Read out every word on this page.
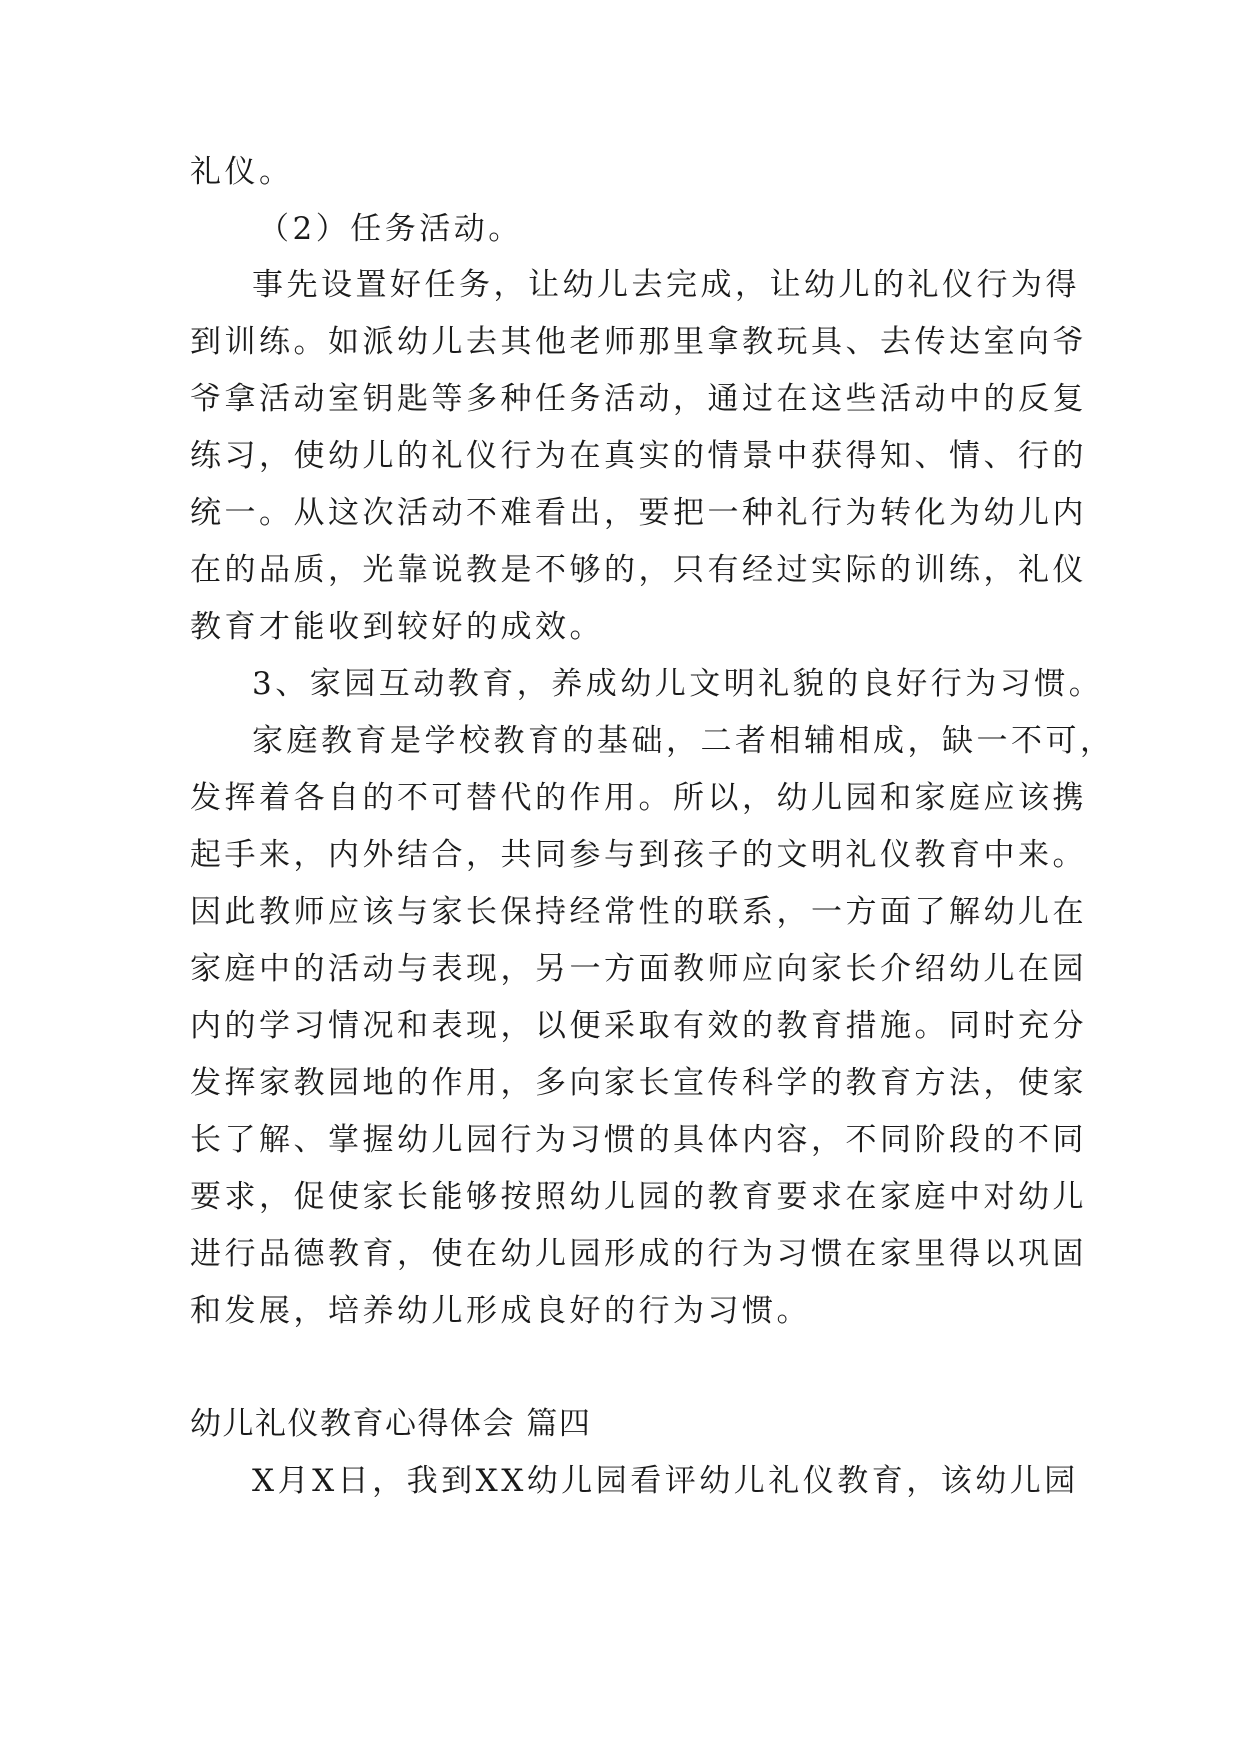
礼仪。
（2）任务活动。
事先设置好任务，让幼儿去完成，让幼儿的礼仪行为得
到训练。如派幼儿去其他老师那里拿教玩具、去传达室向爷
爷拿活动室钥匙等多种任务活动，通过在这些活动中的反复
练习，使幼儿的礼仪行为在真实的情景中获得知、情、行的
统一。从这次活动不难看出，要把一种礼行为转化为幼儿内
在的品质，光靠说教是不够的，只有经过实际的训练，礼仪
教育才能收到较好的成效。
3、家园互动教育，养成幼儿文明礼貌的良好行为习惯。
家庭教育是学校教育的基础，二者相辅相成，缺一不可，
发挥着各自的不可替代的作用。所以，幼儿园和家庭应该携
起手来，内外结合，共同参与到孩子的文明礼仪教育中来。
因此教师应该与家长保持经常性的联系，一方面了解幼儿在
家庭中的活动与表现，另一方面教师应向家长介绍幼儿在园
内的学习情况和表现，以便采取有效的教育措施。同时充分
发挥家教园地的作用，多向家长宣传科学的教育方法，使家
长了解、掌握幼儿园行为习惯的具体内容，不同阶段的不同
要求，促使家长能够按照幼儿园的教育要求在家庭中对幼儿
进行品德教育，使在幼儿园形成的行为习惯在家里得以巩固
和发展，培养幼儿形成良好的行为习惯。
幼儿礼仪教育心得体会 篇四
X月X日，我到XX幼儿园看评幼儿礼仪教育，该幼儿园
